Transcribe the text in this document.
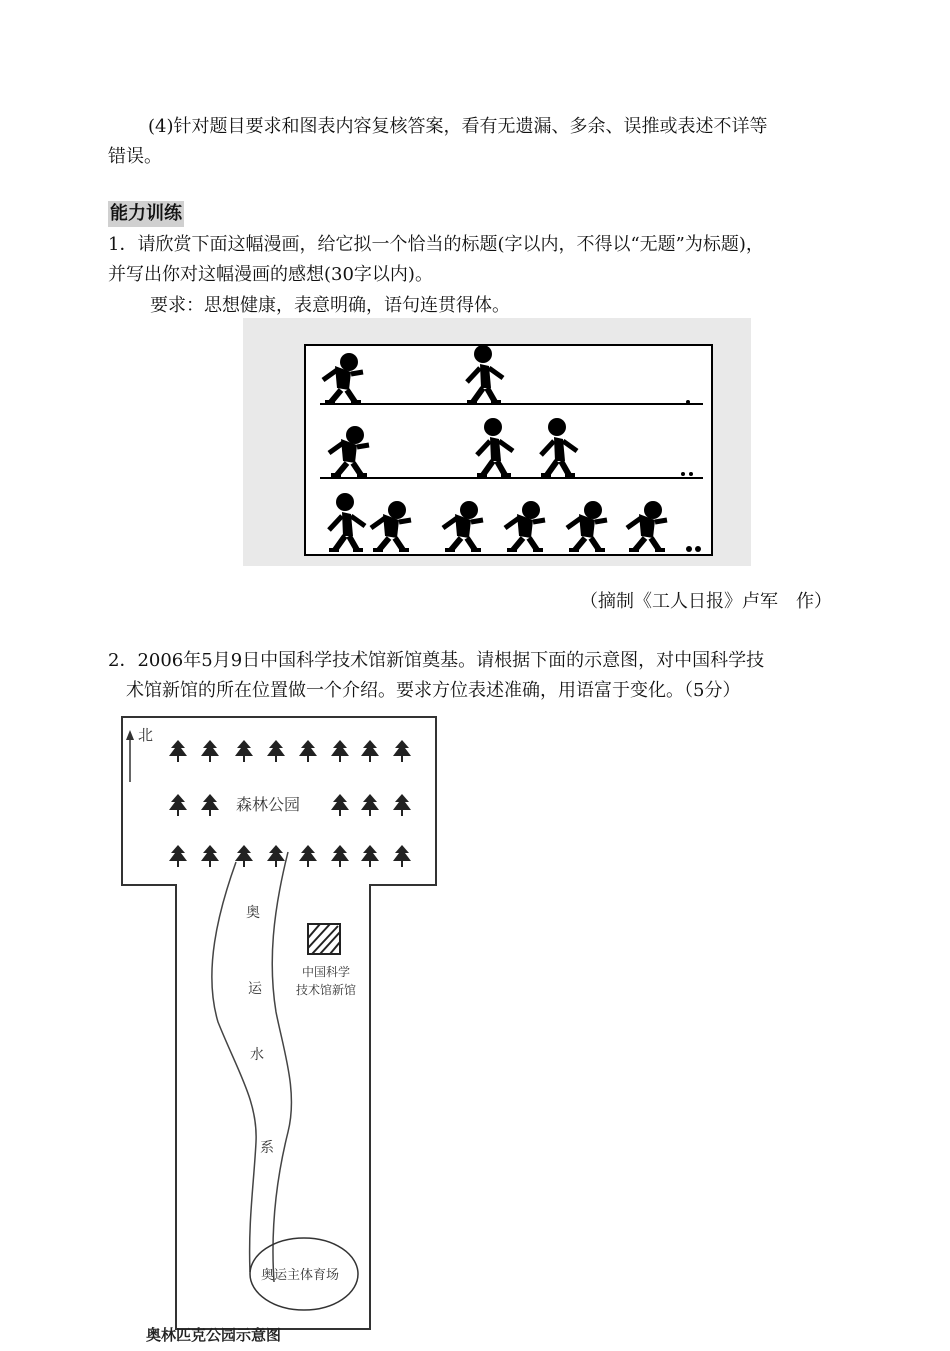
(4)针对题目要求和图表内容复核答案，看有无遗漏、多余、误推或表述不详等
错误。
能力训练
1．请欣赏下面这幅漫画，给它拟一个恰当的标题(字以内，不得以“无题”为标题)，
并写出你对这幅漫画的感想(30字以内)。
要求：思想健康，表意明确，语句连贯得体。
（摘制《工人日报》卢军　作）
2．2006年5月9日中国科学技术馆新馆奠基。请根据下面的示意图，对中国科学技
术馆新馆的所在位置做一个介绍。要求方位表述准确，用语富于变化。（5分）
北
森林公园
奥
运
水
系
中国科学
技术馆新馆
奥运主体育场
奥林匹克公园示意图
